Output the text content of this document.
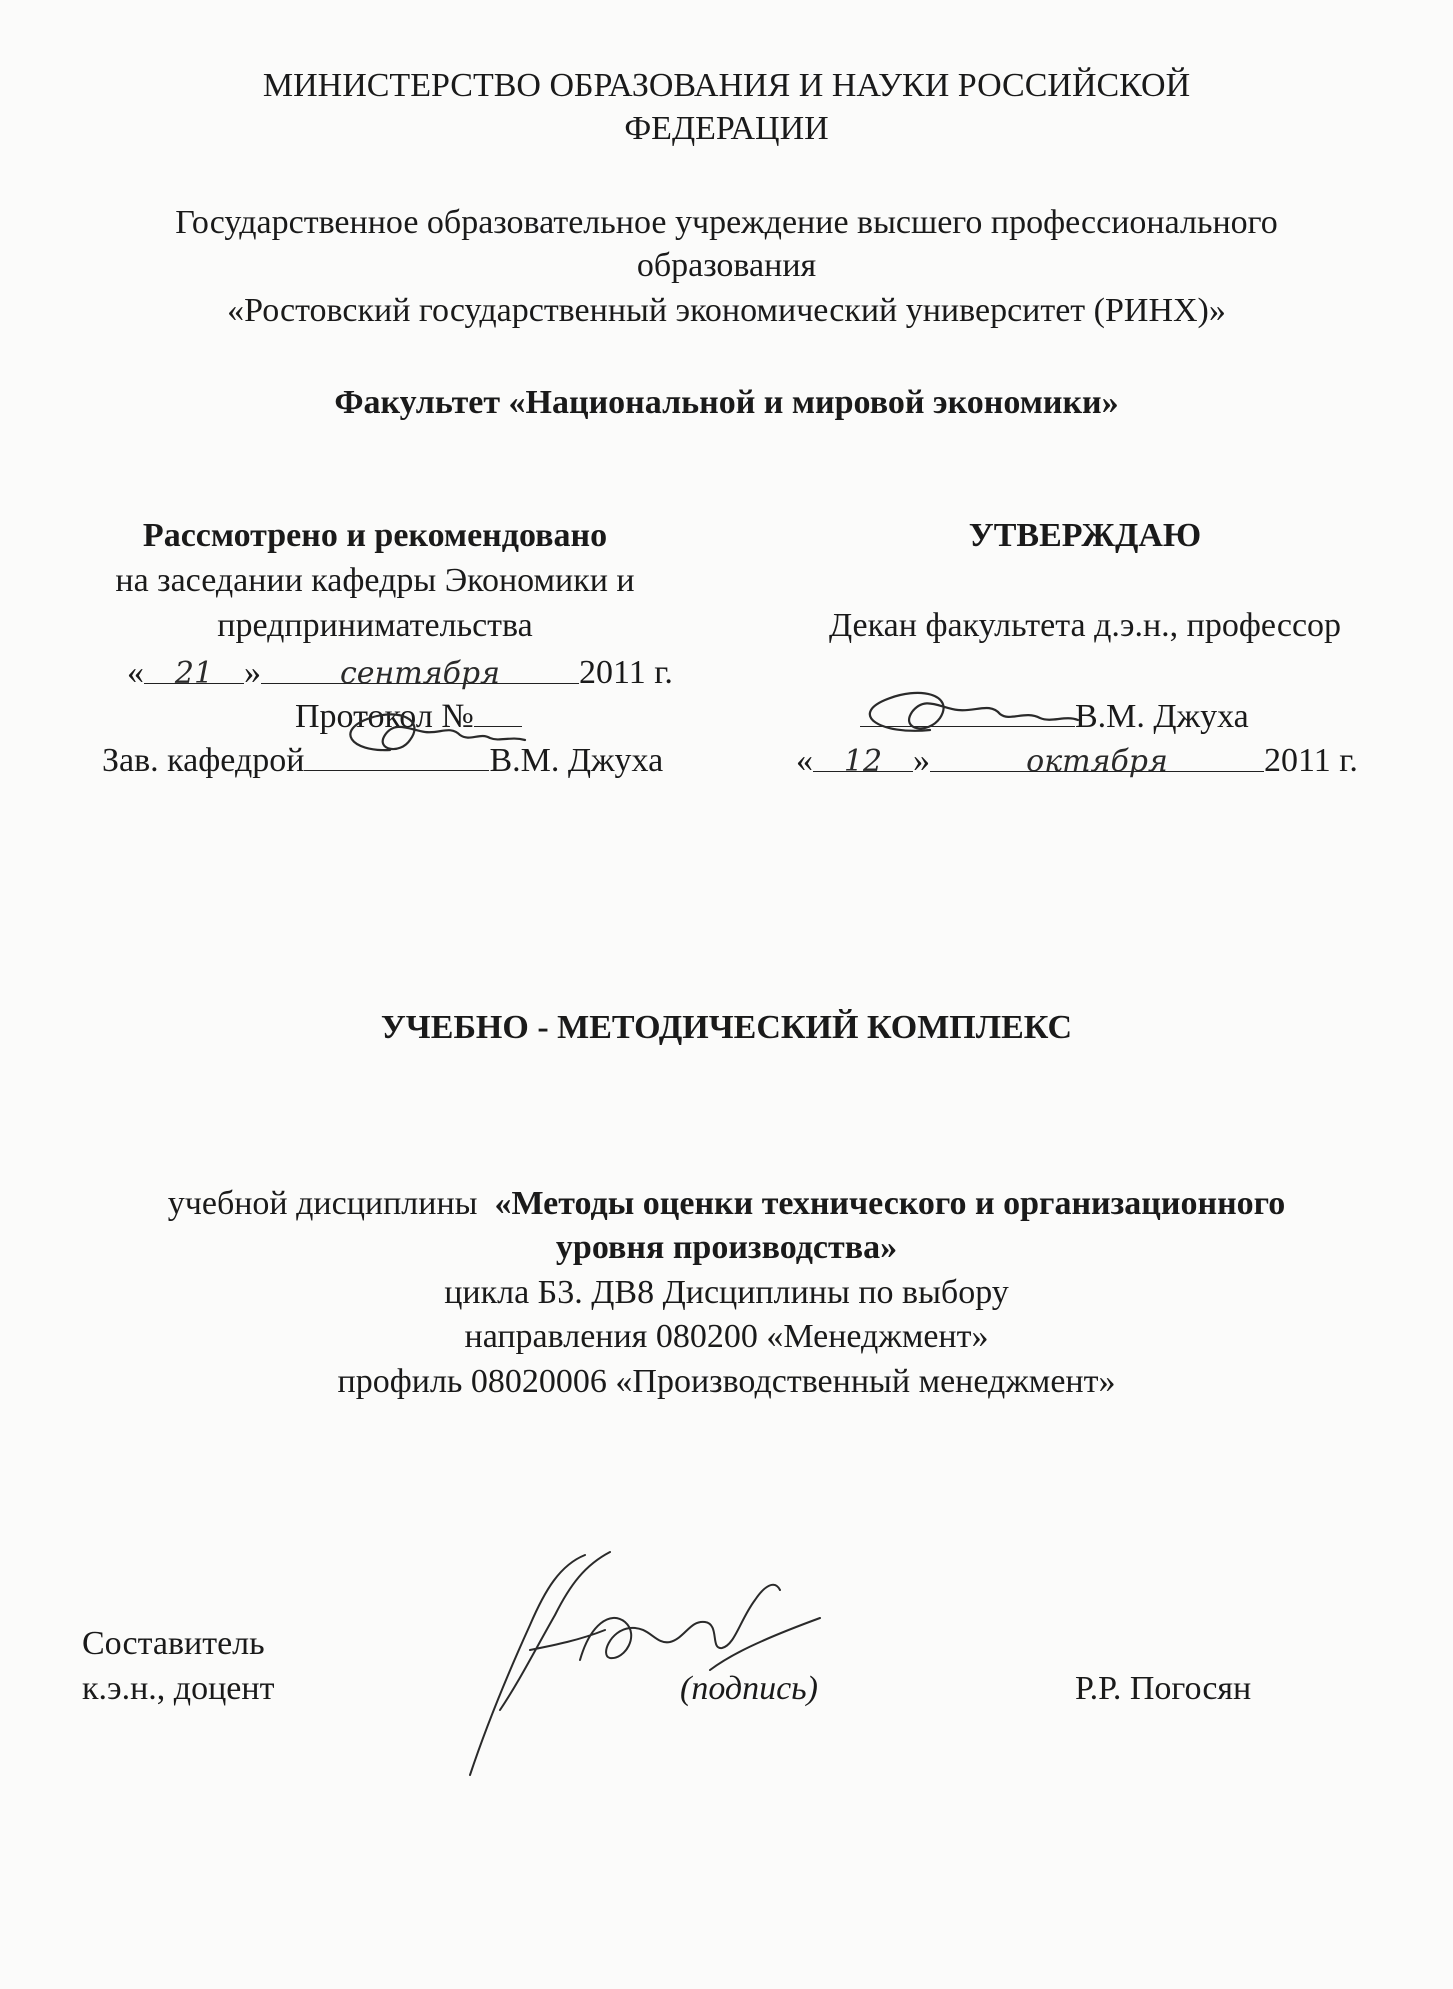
МИНИСТЕРСТВО ОБРАЗОВАНИЯ И НАУКИ РОССИЙСКОЙ
ФЕДЕРАЦИИ
Государственное образовательное учреждение высшего профессионального
образования
«Ростовский государственный экономический университет (РИНХ)»
Факультет «Национальной и мировой экономики»
Рассмотрено и рекомендовано
на заседании кафедры Экономики и
предпринимательства
« 21 »	сентября 2011 г.
Протокол №
Зав. кафедрой	В.М. Джуха
УТВЕРЖДАЮ
Декан факультета д.э.н., профессор
В.М. Джуха
« 12 »	октября	2011 г.
УЧЕБНО - МЕТОДИЧЕСКИЙ КОМПЛЕКС
учебной дисциплины «Методы оценки технического и организационного
уровня производства»
цикла Б3. ДВ8 Дисциплины по выбору
направления 080200 «Менеджмент»
профиль 08020006 «Производственный менеджмент»
Составитель
к.э.н., доцент	(подпись)	Р.Р. Погосян
